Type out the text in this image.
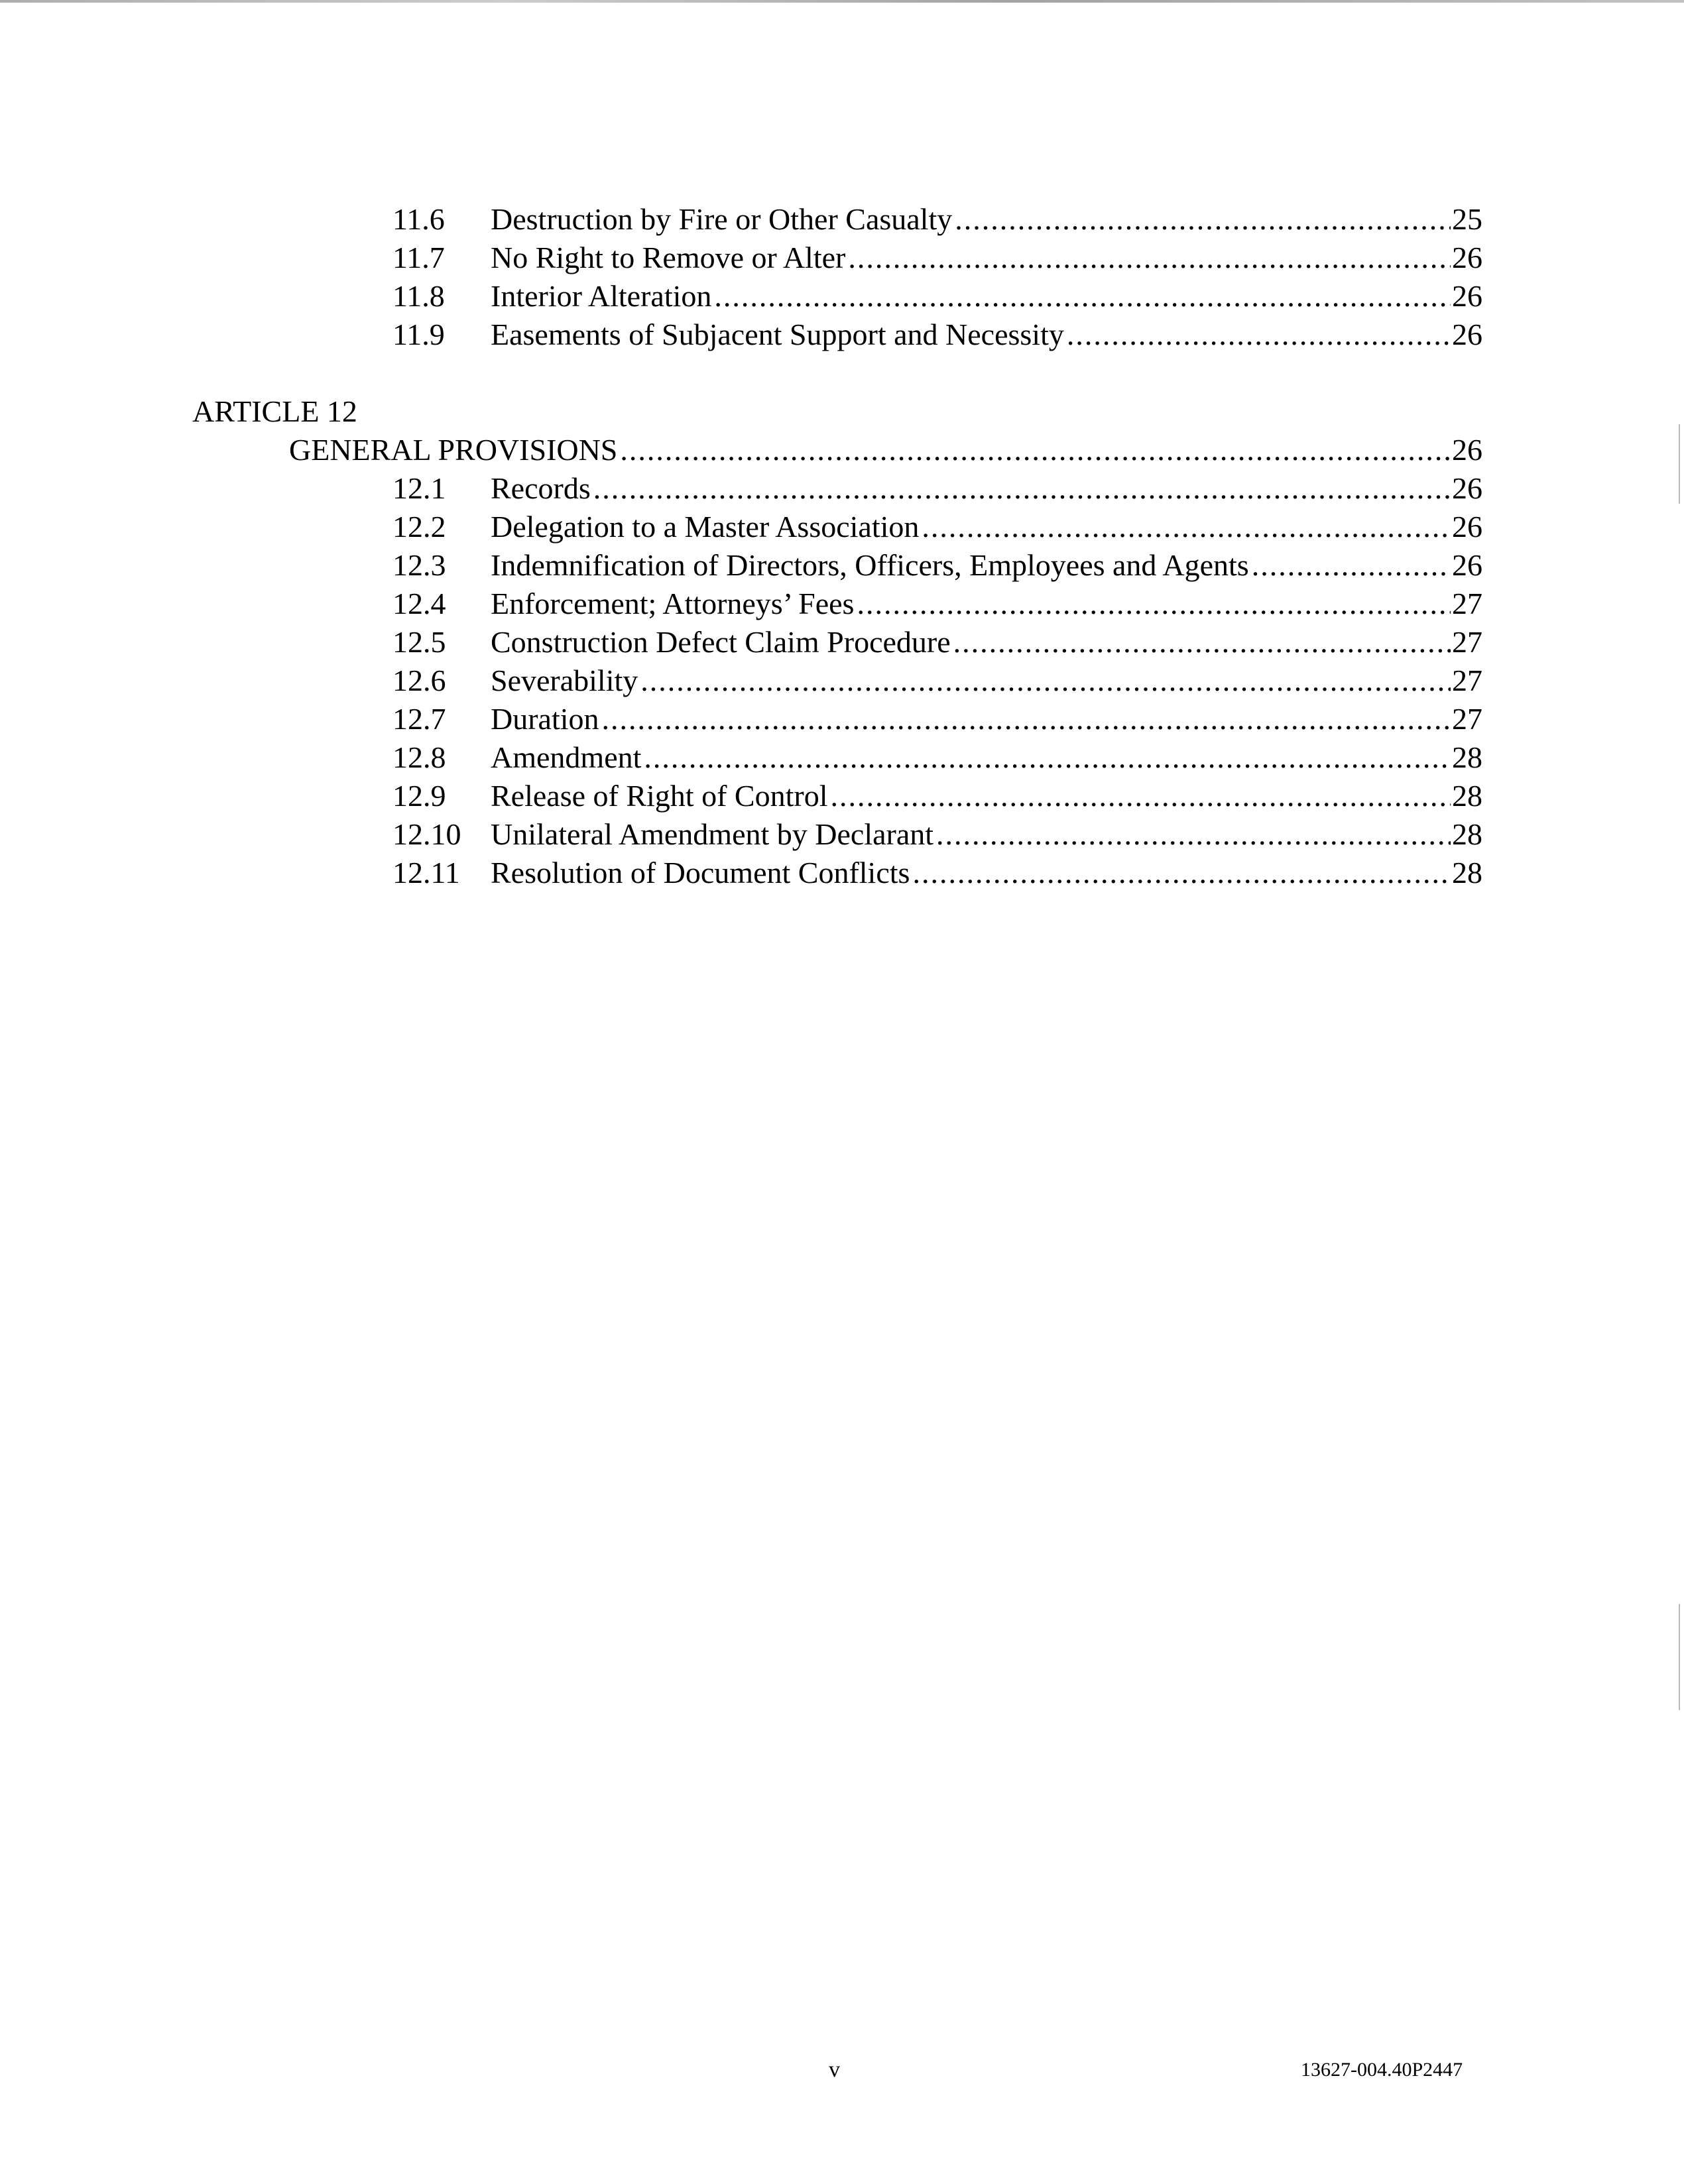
11.6 Destruction by Fire or Other Casualty .....	25
11.7 No Right to Remove or Alter .....	26
11.8 Interior Alteration .....	26
11.9 Easements of Subjacent Support and Necessity .....	26
ARTICLE 12
GENERAL PROVISIONS .....	26
12.1 Records .....	26
12.2 Delegation to a Master Association .....	26
12.3 Indemnification of Directors, Officers, Employees and Agents .....	26
12.4 Enforcement; Attorneys’ Fees .....	27
12.5 Construction Defect Claim Procedure .....	27
12.6 Severability .....	27
12.7 Duration .....	27
12.8 Amendment .....	28
12.9 Release of Right of Control .....	28
12.10 Unilateral Amendment by Declarant .....	28
12.11 Resolution of Document Conflicts .....	28
v	13627-004.40P2447
